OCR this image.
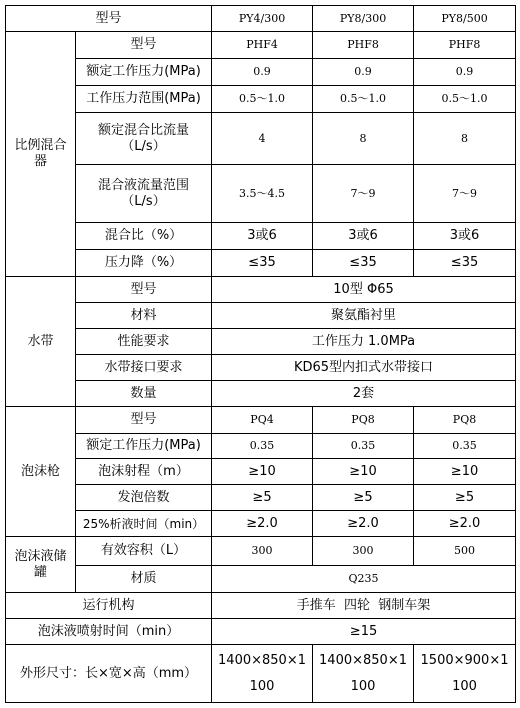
型号		PY4/300	PY8/300	PY8/500
比例混合器	型号	PHF4	PHF8	PHF8
	额定工作压力(MPa)	0.9	0.9	0.9
	工作压力范围(MPa)	0.5～1.0	0.5～1.0	0.5～1.0
	额定混合比流量（L/s）	4	8	8
	混合液流量范围（L/s）	3.5～4.5	7～9	7～9
	混合比（%）	3或6	3或6	3或6
	压力降（%）	≤35	≤35	≤35
水带	型号	10型 Φ65		
	材料	聚氨酯衬里		
	性能要求	工作压力 1.0MPa		
	水带接口要求	KD65型内扣式水带接口		
	数量	2套		
泡沫枪	型号	PQ4	PQ8	PQ8
	额定工作压力(MPa)	0.35	0.35	0.35
	泡沫射程（m）	≥10	≥10	≥10
	发泡倍数	≥5	≥5	≥5
	25%析液时间（min）	≥2.0	≥2.0	≥2.0
泡沫液储罐	有效容积（L）	300	300	500
	材质	Q235		
运行机构		手推车  四轮  钢制车架		
泡沫液喷射时间（min）		≥15		
外形尺寸：长×宽×高（mm）		1400×850×1100	1400×850×1100	1500×900×1100
